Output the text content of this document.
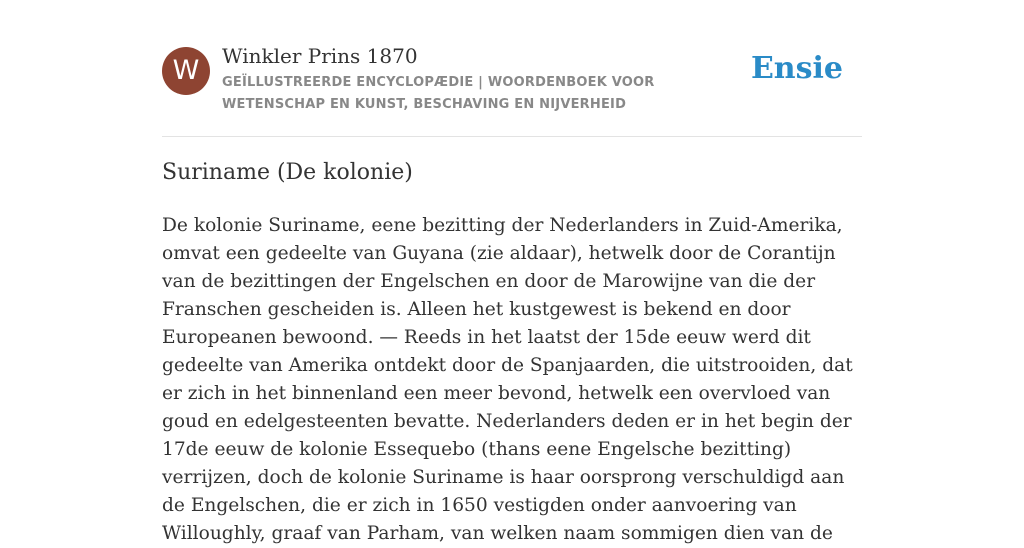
W	Winkler Prins 1870
GEÏLLUSTREERDE ENCYCLOPÆDIE | WOORDENBOEK VOOR WETENSCHAP EN KUNST, BESCHAVING EN NIJVERHEID
Ensie
Suriname (De kolonie)

De kolonie Suriname, eene bezitting der Nederlanders in Zuid-Amerika, omvat een gedeelte van Guyana (zie aldaar), hetwelk door de Corantijn van de bezittingen der Engelschen en door de Marowijne van die der Franschen gescheiden is. Alleen het kustgewest is bekend en door Europeanen bewoond. — Reeds in het laatst der 15de eeuw werd dit gedeelte van Amerika ontdekt door de Spanjaarden, die uitstrooiden, dat er zich in het binnenland een meer bevond, hetwelk een overvloed van goud en edelgesteenten bevatte. Nederlanders deden er in het begin der 17de eeuw de kolonie Essequebo (thans eene Engelsche bezitting) verrijzen, doch de kolonie Suriname is haar oorsprong verschuldigd aan de Engelschen, die er zich in 1650 vestigden onder aanvoering van Willoughly, graaf van Parham, van welken naam sommigen dien van de
